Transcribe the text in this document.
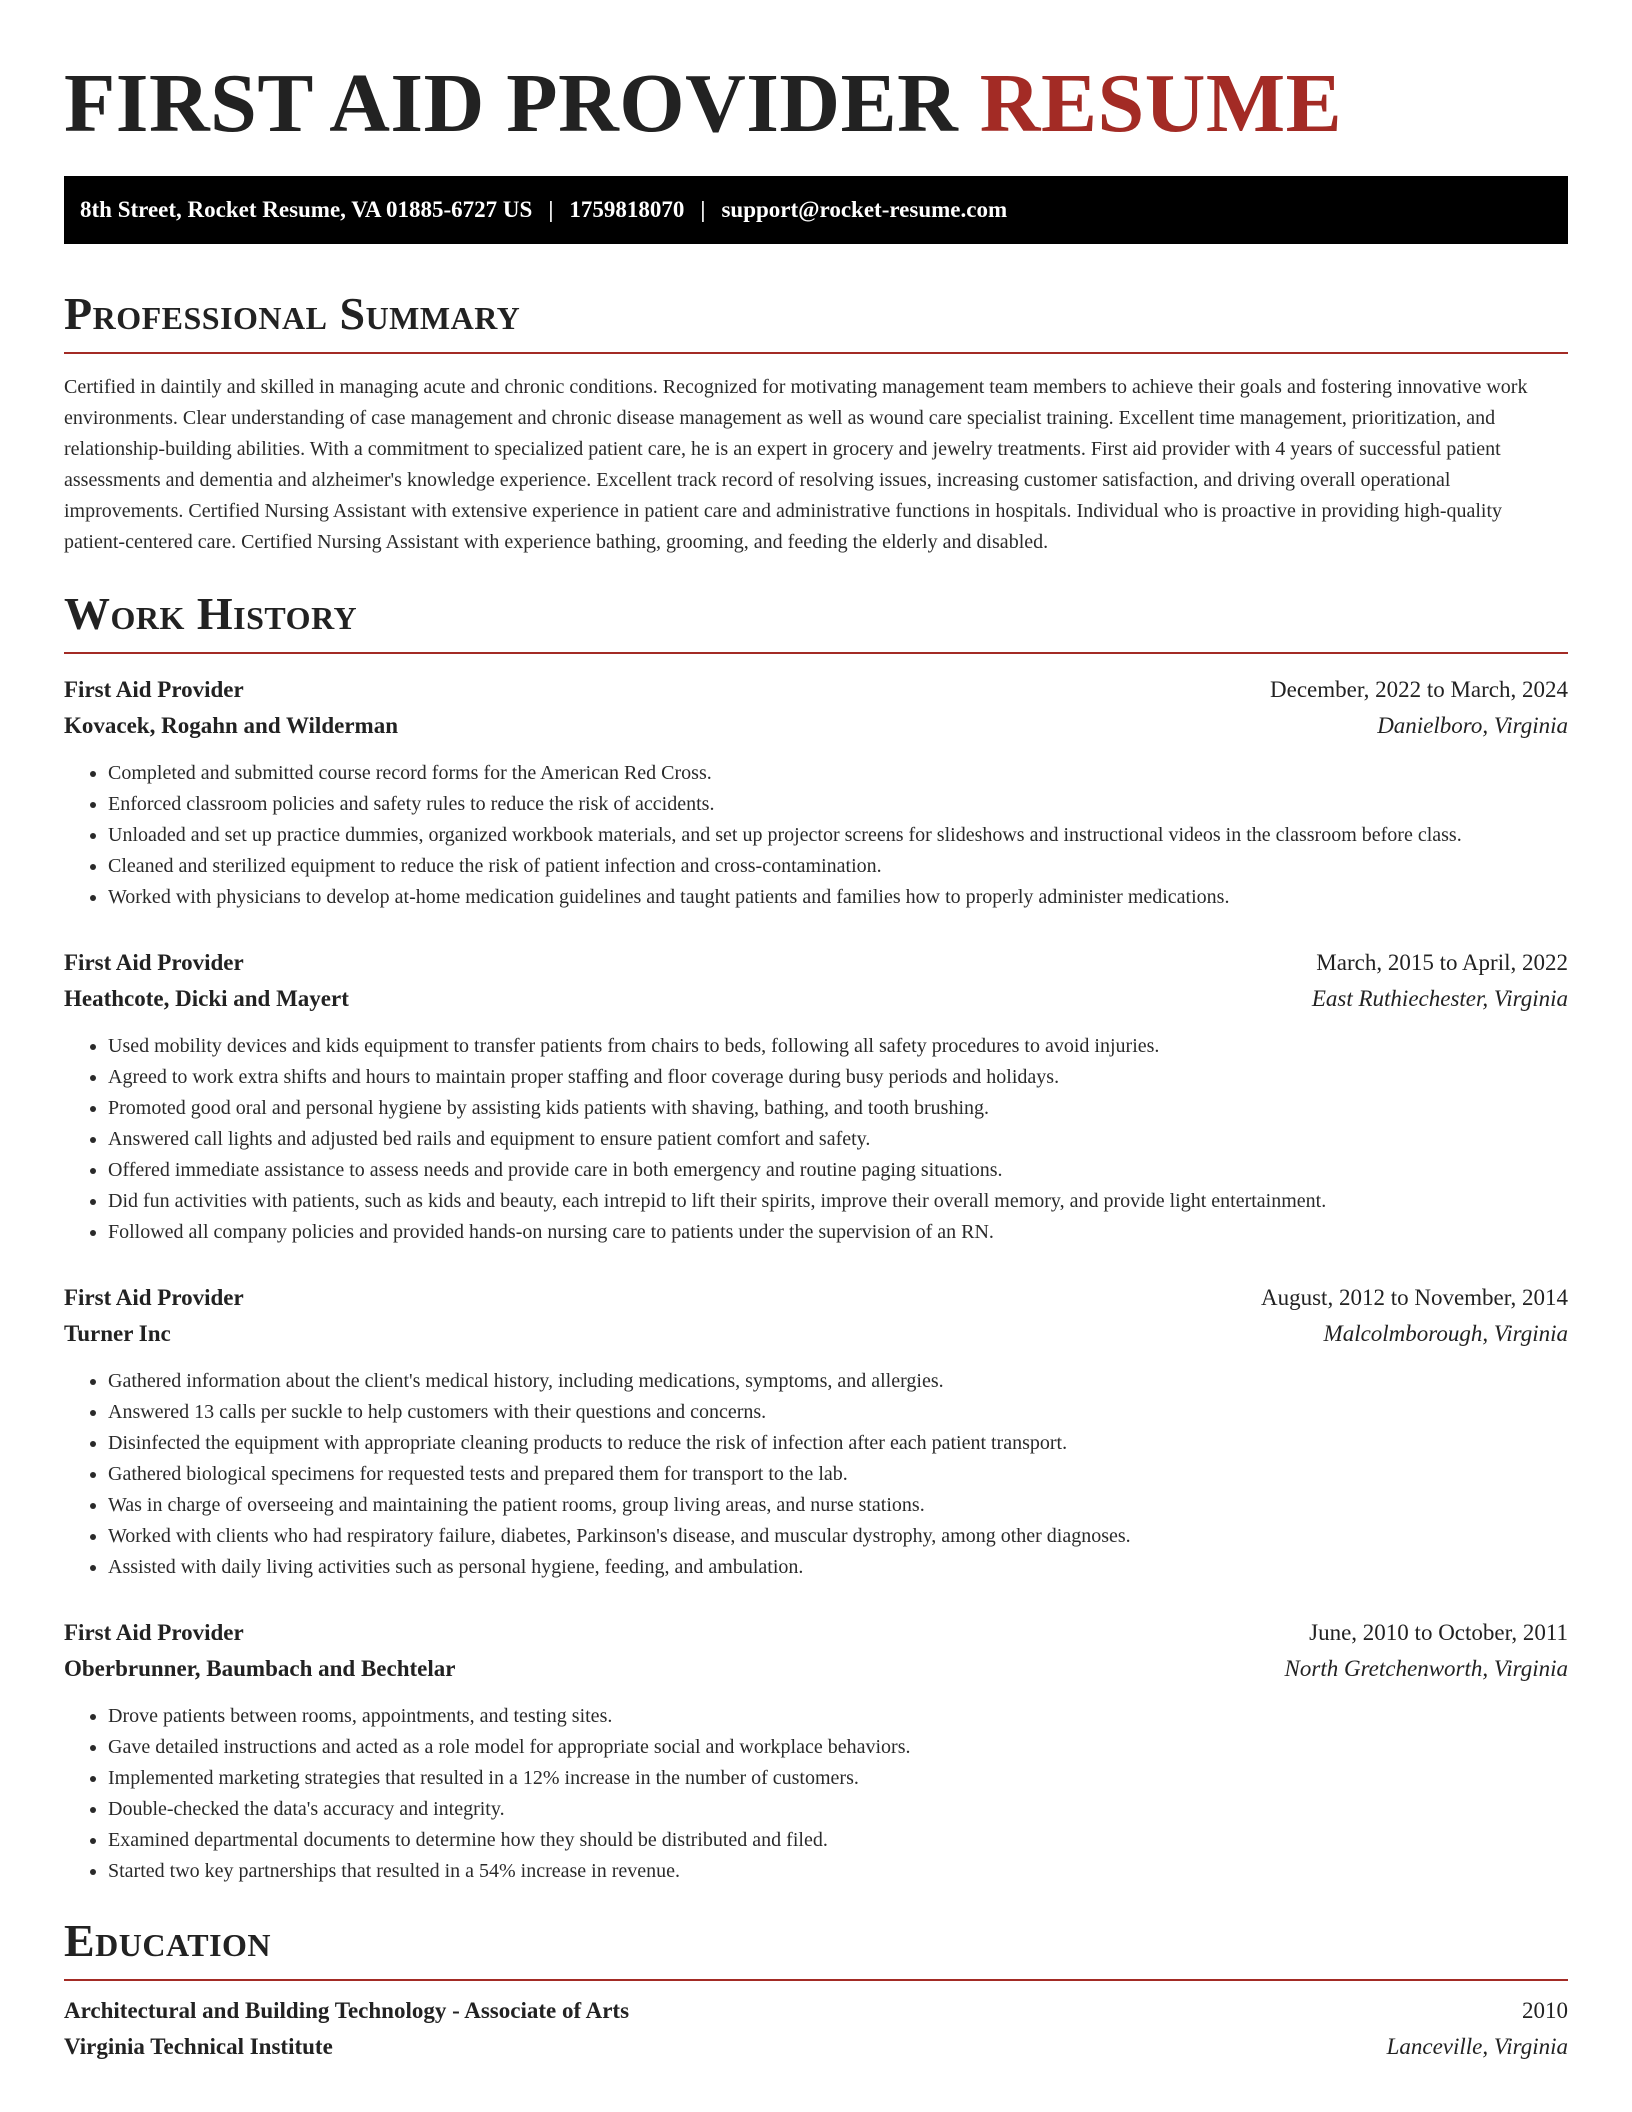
FIRST AID PROVIDER RESUME
8th Street, Rocket Resume, VA 01885-6727 US | 1759818070 | support@rocket-resume.com
Professional Summary

Certified in daintily and skilled in managing acute and chronic conditions. Recognized for motivating management team members to achieve their goals and fostering innovative work environments. Clear understanding of case management and chronic disease management as well as wound care specialist training. Excellent time management, prioritization, and relationship-building abilities. With a commitment to specialized patient care, he is an expert in grocery and jewelry treatments. First aid provider with 4 years of successful patient assessments and dementia and alzheimer's knowledge experience. Excellent track record of resolving issues, increasing customer satisfaction, and driving overall operational improvements. Certified Nursing Assistant with extensive experience in patient care and administrative functions in hospitals. Individual who is proactive in providing high-quality patient-centered care. Certified Nursing Assistant with experience bathing, grooming, and feeding the elderly and disabled.

Work History
First Aid Provider	December, 2022 to March, 2024
Kovacek, Rogahn and Wilderman	Danielboro, Virginia
• Completed and submitted course record forms for the American Red Cross.
• Enforced classroom policies and safety rules to reduce the risk of accidents.
• Unloaded and set up practice dummies, organized workbook materials, and set up projector screens for slideshows and instructional videos in the classroom before class.
• Cleaned and sterilized equipment to reduce the risk of patient infection and cross-contamination.
• Worked with physicians to develop at-home medication guidelines and taught patients and families how to properly administer medications.
First Aid Provider	March, 2015 to April, 2022
Heathcote, Dicki and Mayert	East Ruthiechester, Virginia
• Used mobility devices and kids equipment to transfer patients from chairs to beds, following all safety procedures to avoid injuries.
• Agreed to work extra shifts and hours to maintain proper staffing and floor coverage during busy periods and holidays.
• Promoted good oral and personal hygiene by assisting kids patients with shaving, bathing, and tooth brushing.
• Answered call lights and adjusted bed rails and equipment to ensure patient comfort and safety.
• Offered immediate assistance to assess needs and provide care in both emergency and routine paging situations.
• Did fun activities with patients, such as kids and beauty, each intrepid to lift their spirits, improve their overall memory, and provide light entertainment.
• Followed all company policies and provided hands-on nursing care to patients under the supervision of an RN.
First Aid Provider	August, 2012 to November, 2014
Turner Inc	Malcolmborough, Virginia
• Gathered information about the client's medical history, including medications, symptoms, and allergies.
• Answered 13 calls per suckle to help customers with their questions and concerns.
• Disinfected the equipment with appropriate cleaning products to reduce the risk of infection after each patient transport.
• Gathered biological specimens for requested tests and prepared them for transport to the lab.
• Was in charge of overseeing and maintaining the patient rooms, group living areas, and nurse stations.
• Worked with clients who had respiratory failure, diabetes, Parkinson's disease, and muscular dystrophy, among other diagnoses.
• Assisted with daily living activities such as personal hygiene, feeding, and ambulation.
First Aid Provider	June, 2010 to October, 2011
Oberbrunner, Baumbach and Bechtelar	North Gretchenworth, Virginia
• Drove patients between rooms, appointments, and testing sites.
• Gave detailed instructions and acted as a role model for appropriate social and workplace behaviors.
• Implemented marketing strategies that resulted in a 12% increase in the number of customers.
• Double-checked the data's accuracy and integrity.
• Examined departmental documents to determine how they should be distributed and filed.
• Started two key partnerships that resulted in a 54% increase in revenue.
Education
Architectural and Building Technology - Associate of Arts	2010
Virginia Technical Institute	Lanceville, Virginia
